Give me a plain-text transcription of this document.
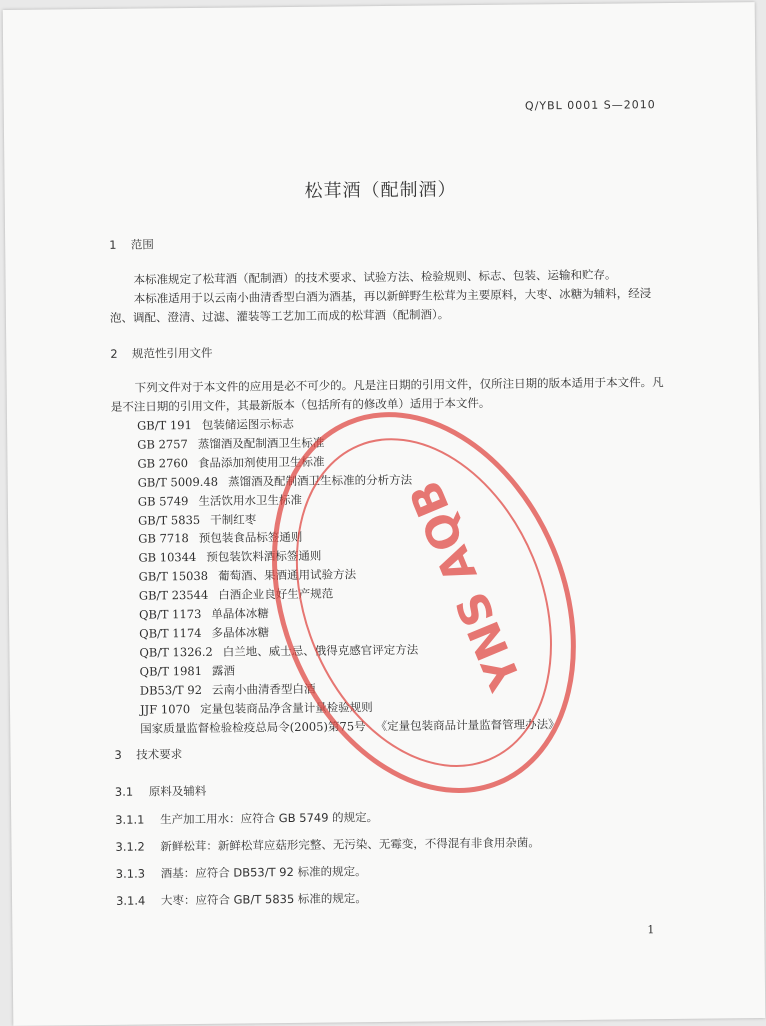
Q/YBL 0001 S—2010
松茸酒（配制酒）
1 范围
本标准规定了松茸酒（配制酒）的技术要求、试验方法、检验规则、标志、包装、运输和贮存。
本标准适用于以云南小曲清香型白酒为酒基，再以新鲜野生松茸为主要原料，大枣、冰糖为辅料，经浸泡、调配、澄清、过滤、灌装等工艺加工而成的松茸酒（配制酒）。
2 规范性引用文件
下列文件对于本文件的应用是必不可少的。凡是注日期的引用文件，仅所注日期的版本适用于本文件。凡是不注日期的引用文件，其最新版本（包括所有的修改单）适用于本文件。
GB/T 191 包装储运图示标志
GB 2757 蒸馏酒及配制酒卫生标准
GB 2760 食品添加剂使用卫生标准
GB/T 5009.48 蒸馏酒及配制酒卫生标准的分析方法
GB 5749 生活饮用水卫生标准
GB/T 5835 干制红枣
GB 7718 预包装食品标签通则
GB 10344 预包装饮料酒标签通则
GB/T 15038 葡萄酒、果酒通用试验方法
GB/T 23544 白酒企业良好生产规范
QB/T 1173 单晶体冰糖
QB/T 1174 多晶体冰糖
QB/T 1326.2 白兰地、威士忌、俄得克感官评定方法
QB/T 1981 露酒
DB53/T 92 云南小曲清香型白酒
JJF 1070 定量包装商品净含量计量检验规则
国家质量监督检验检疫总局令(2005)第75号 《定量包装商品计量监督管理办法》
3 技术要求
3.1 原料及辅料
3.1.1 生产加工用水：应符合 GB 5749 的规定。
3.1.2 新鲜松茸：新鲜松茸应菇形完整、无污染、无霉变，不得混有非食用杂菌。
3.1.3 酒基：应符合 DB53/T 92 标准的规定。
3.1.4 大枣：应符合 GB/T 5835 标准的规定。
1
YNS AQB
